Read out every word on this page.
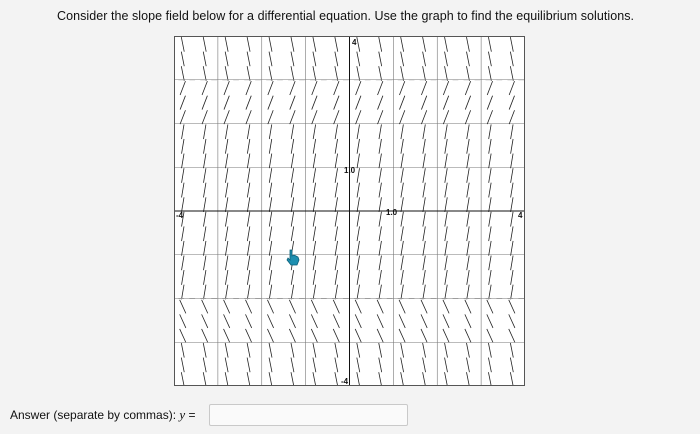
Consider the slope field below for a differential equation. Use the graph to find the equilibrium solutions.
-4	4
4
-4
1.0
1.0
Answer (separate by commas): y =
